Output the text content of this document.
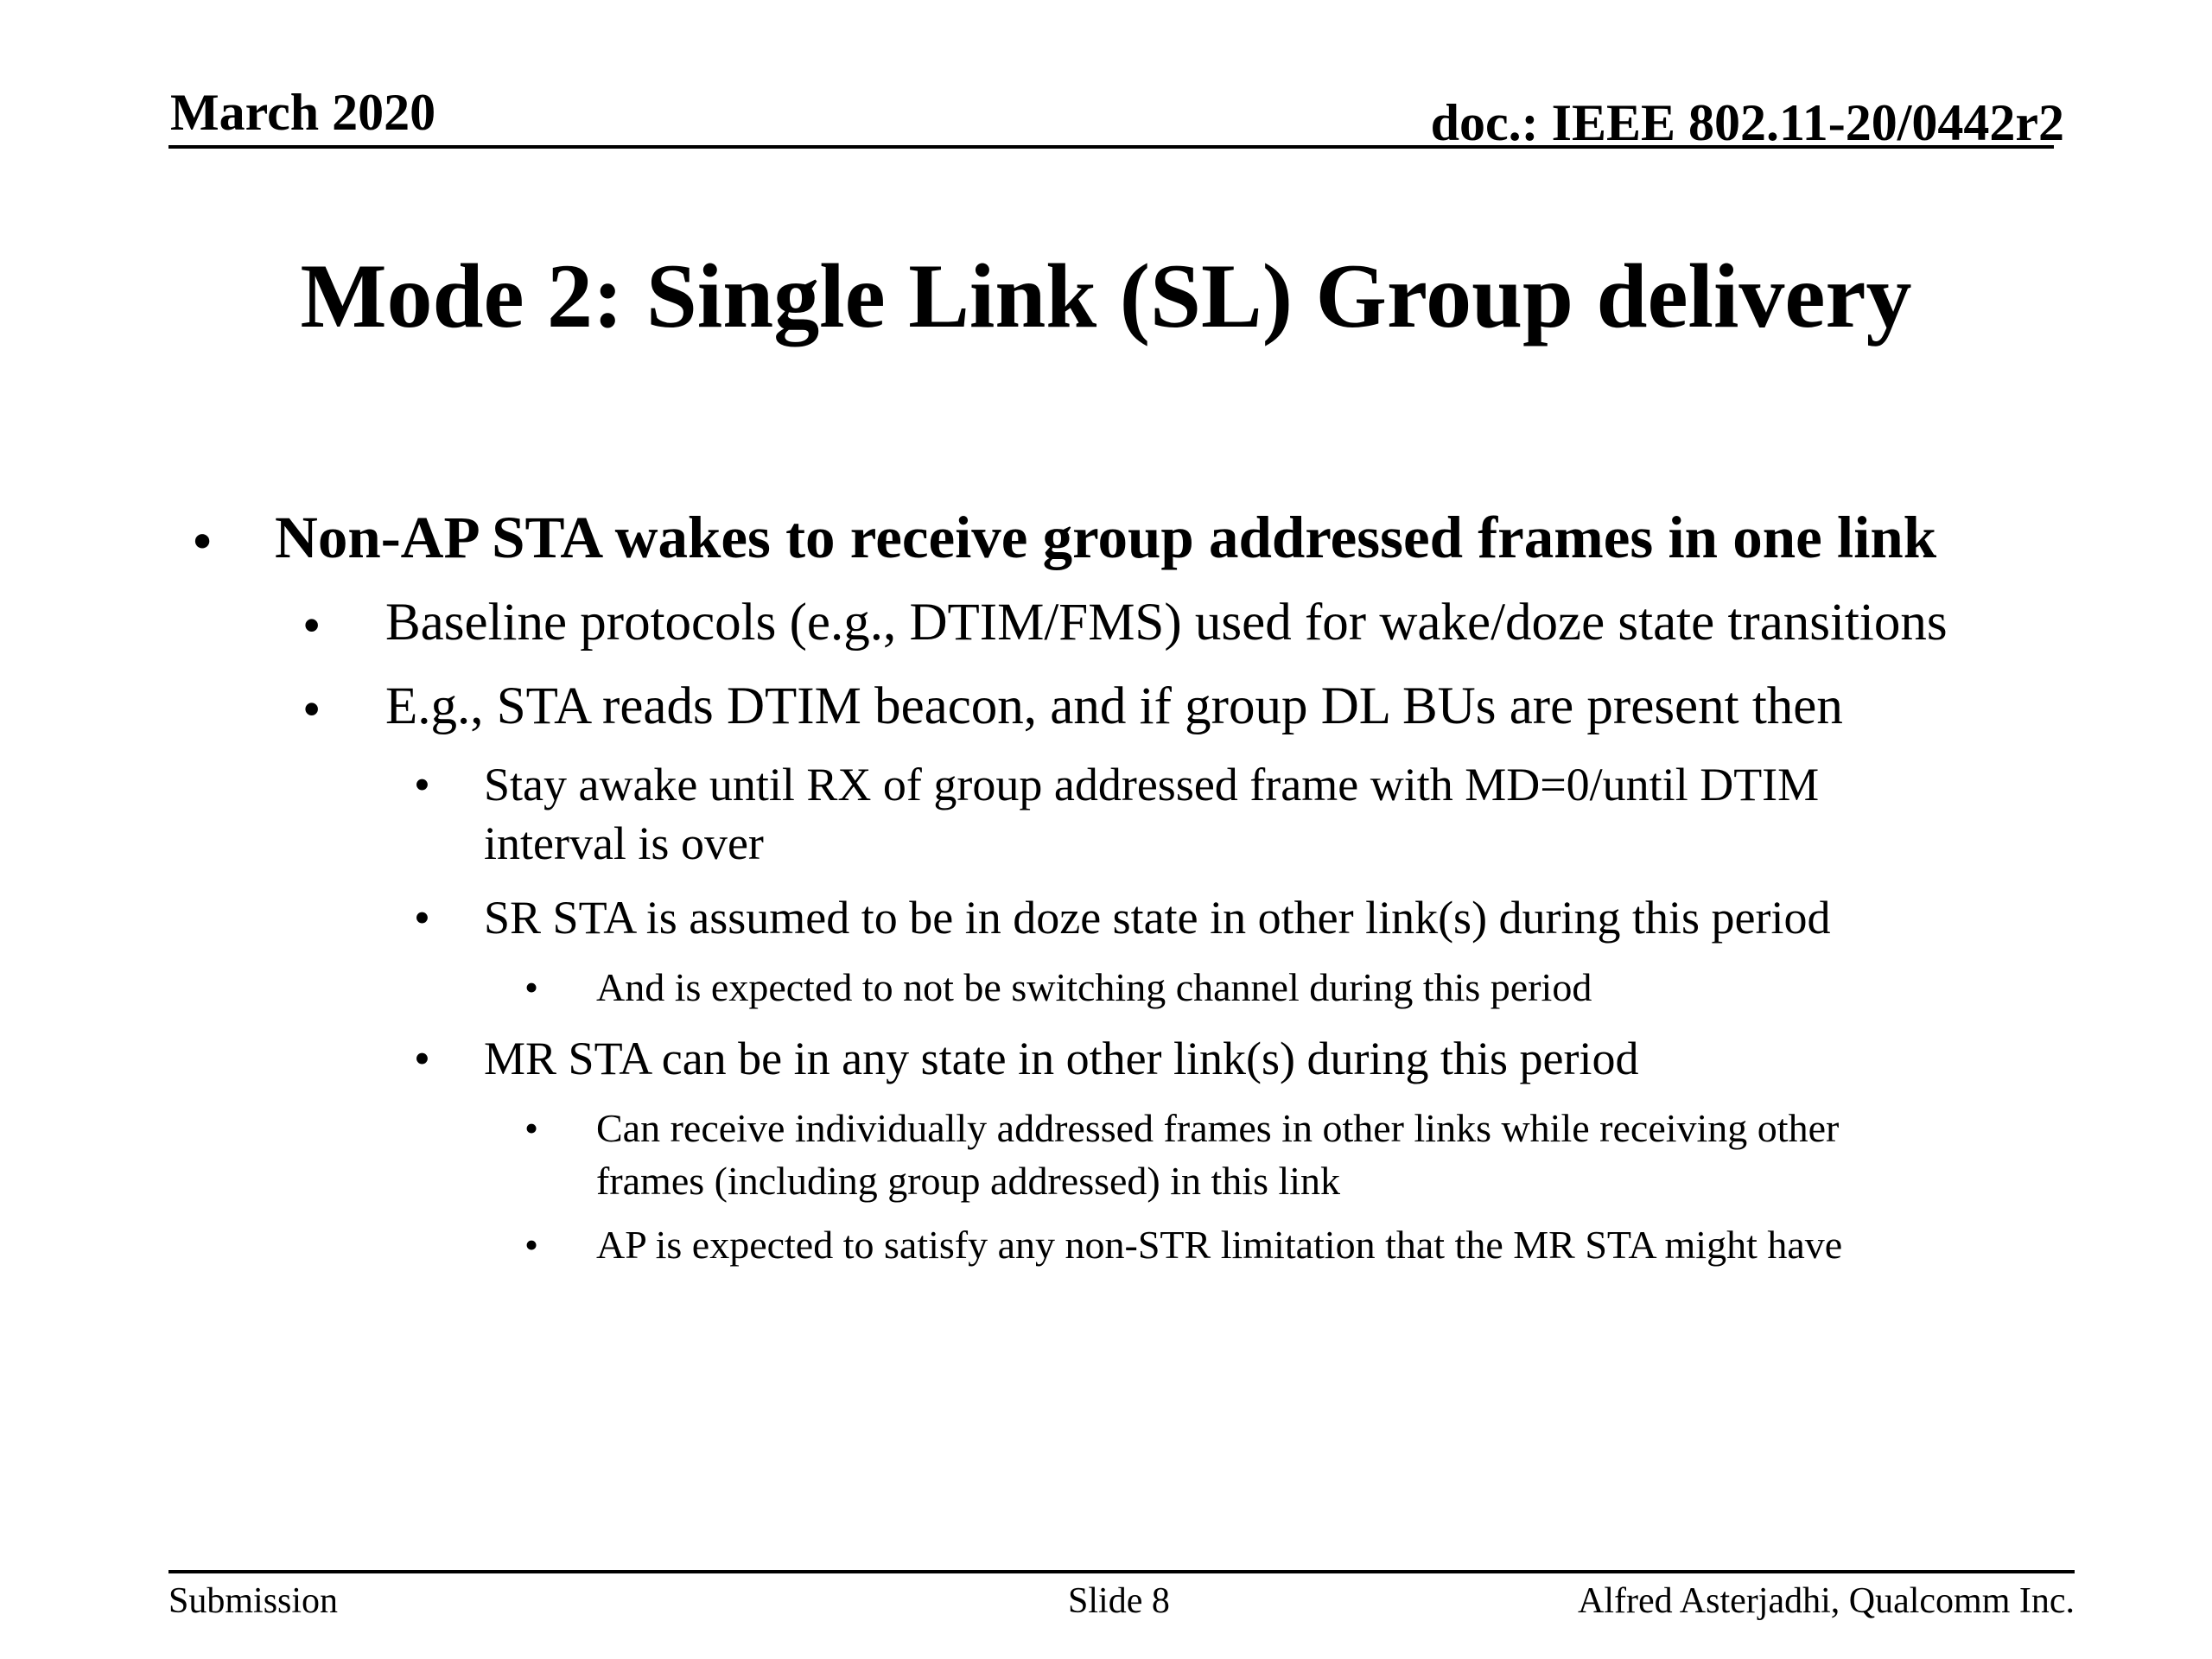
March 2020	doc.: IEEE 802.11-20/0442r2
Mode 2: Single Link (SL) Group delivery
• Non-AP STA wakes to receive group addressed frames in one link
• Baseline protocols (e.g., DTIM/FMS) used for wake/doze state transitions
• E.g., STA reads DTIM beacon, and if group DL BUs are present then
• Stay awake until RX of group addressed frame with MD=0/until DTIM
interval is over
• SR STA is assumed to be in doze state in other link(s) during this period
• And is expected to not be switching channel during this period
• MR STA can be in any state in other link(s) during this period
• Can receive individually addressed frames in other links while receiving other
frames (including group addressed) in this link
• AP is expected to satisfy any non-STR limitation that the MR STA might have
Submission	Slide 8	Alfred Asterjadhi, Qualcomm Inc.
